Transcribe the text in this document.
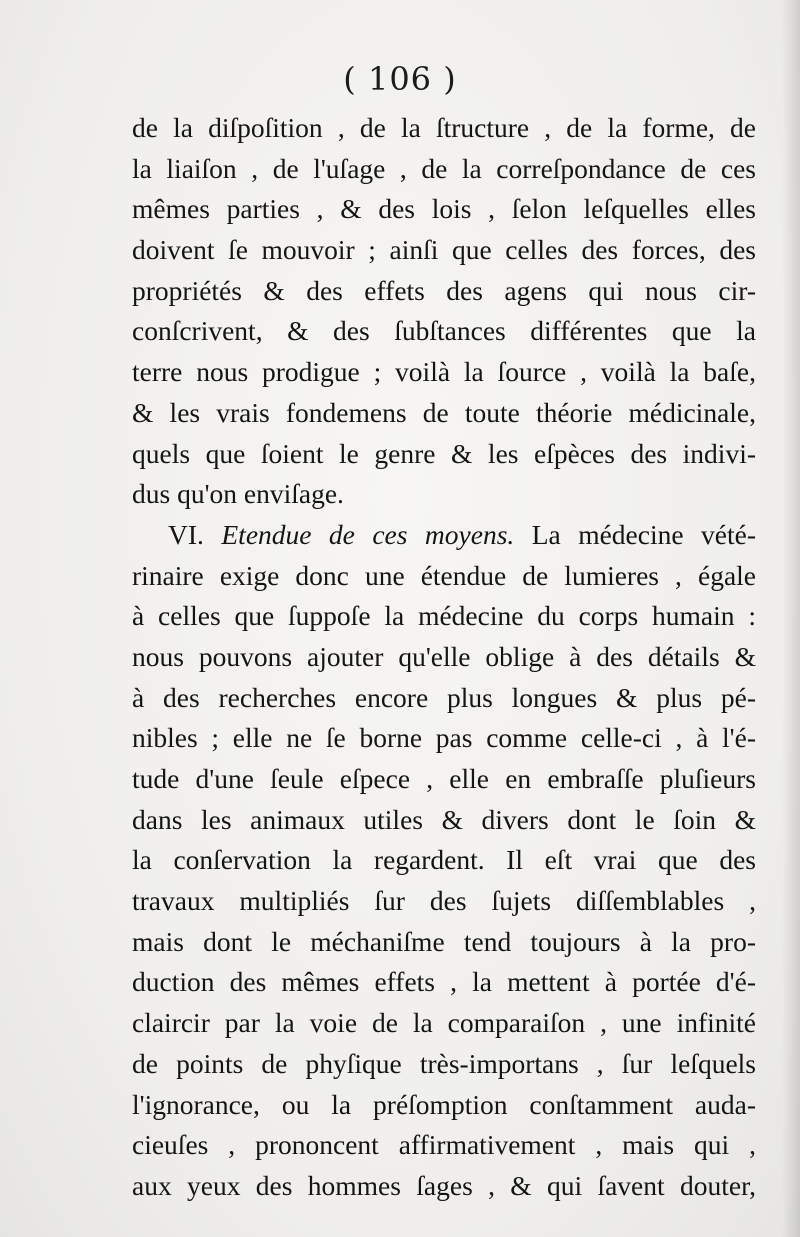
( 106 )
de la diſpoſition , de la ſtructure , de la forme, de
la liaiſon , de l'uſage , de la correſpondance de ces
mêmes parties , & des lois , ſelon leſquelles elles
doivent ſe mouvoir ; ainſi que celles des forces, des
propriétés & des effets des agens qui nous cir-
conſcrivent, & des ſubſtances différentes que la
terre nous prodigue ; voilà la ſource , voilà la baſe,
& les vrais fondemens de toute théorie médicinale,
quels que ſoient le genre & les eſpèces des indivi-
dus qu'on enviſage.
VI. Etendue de ces moyens. La médecine vété-
rinaire exige donc une étendue de lumieres , égale
à celles que ſuppoſe la médecine du corps humain :
nous pouvons ajouter qu'elle oblige à des détails &
à des recherches encore plus longues & plus pé-
nibles ; elle ne ſe borne pas comme celle-ci , à l'é-
tude d'une ſeule eſpece , elle en embraſſe pluſieurs
dans les animaux utiles & divers dont le ſoin &
la conſervation la regardent. Il eſt vrai que des
travaux multipliés ſur des ſujets diſſemblables ,
mais dont le méchaniſme tend toujours à la pro-
duction des mêmes effets , la mettent à portée d'é-
claircir par la voie de la comparaiſon , une infinité
de points de phyſique très-importans , ſur leſquels
l'ignorance, ou la préſomption conſtamment auda-
cieuſes , prononcent affirmativement , mais qui ,
aux yeux des hommes ſages , & qui ſavent douter,
